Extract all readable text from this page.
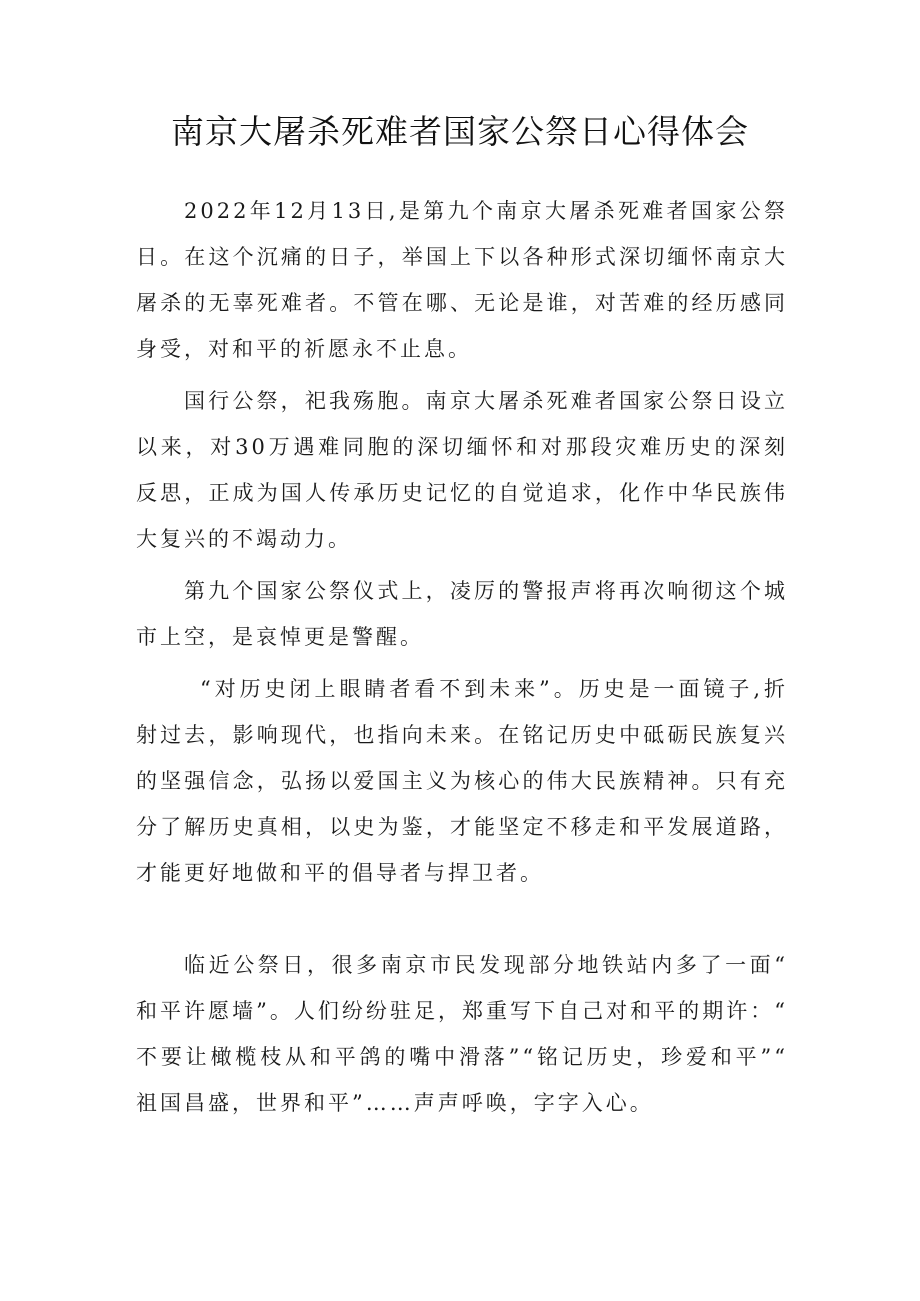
南京大屠杀死难者国家公祭日心得体会

2022年12月13日,是第九个南京大屠杀死难者国家公祭日。在这个沉痛的日子，举国上下以各种形式深切缅怀南京大屠杀的无辜死难者。不管在哪、无论是谁，对苦难的经历感同身受，对和平的祈愿永不止息。

国行公祭，祀我殇胞。南京大屠杀死难者国家公祭日设立以来，对30万遇难同胞的深切缅怀和对那段灾难历史的深刻反思，正成为国人传承历史记忆的自觉追求，化作中华民族伟大复兴的不竭动力。

第九个国家公祭仪式上，凌厉的警报声将再次响彻这个城市上空，是哀悼更是警醒。

“对历史闭上眼睛者看不到未来”。历史是一面镜子,折射过去，影响现代，也指向未来。在铭记历史中砥砺民族复兴的坚强信念，弘扬以爱国主义为核心的伟大民族精神。只有充分了解历史真相，以史为鉴，才能坚定不移走和平发展道路，才能更好地做和平的倡导者与捍卫者。

临近公祭日，很多南京市民发现部分地铁站内多了一面“和平许愿墙”。人们纷纷驻足，郑重写下自己对和平的期许：“不要让橄榄枝从和平鸽的嘴中滑落”“铭记历史，珍爱和平”“祖国昌盛，世界和平”……声声呼唤，字字入心。
